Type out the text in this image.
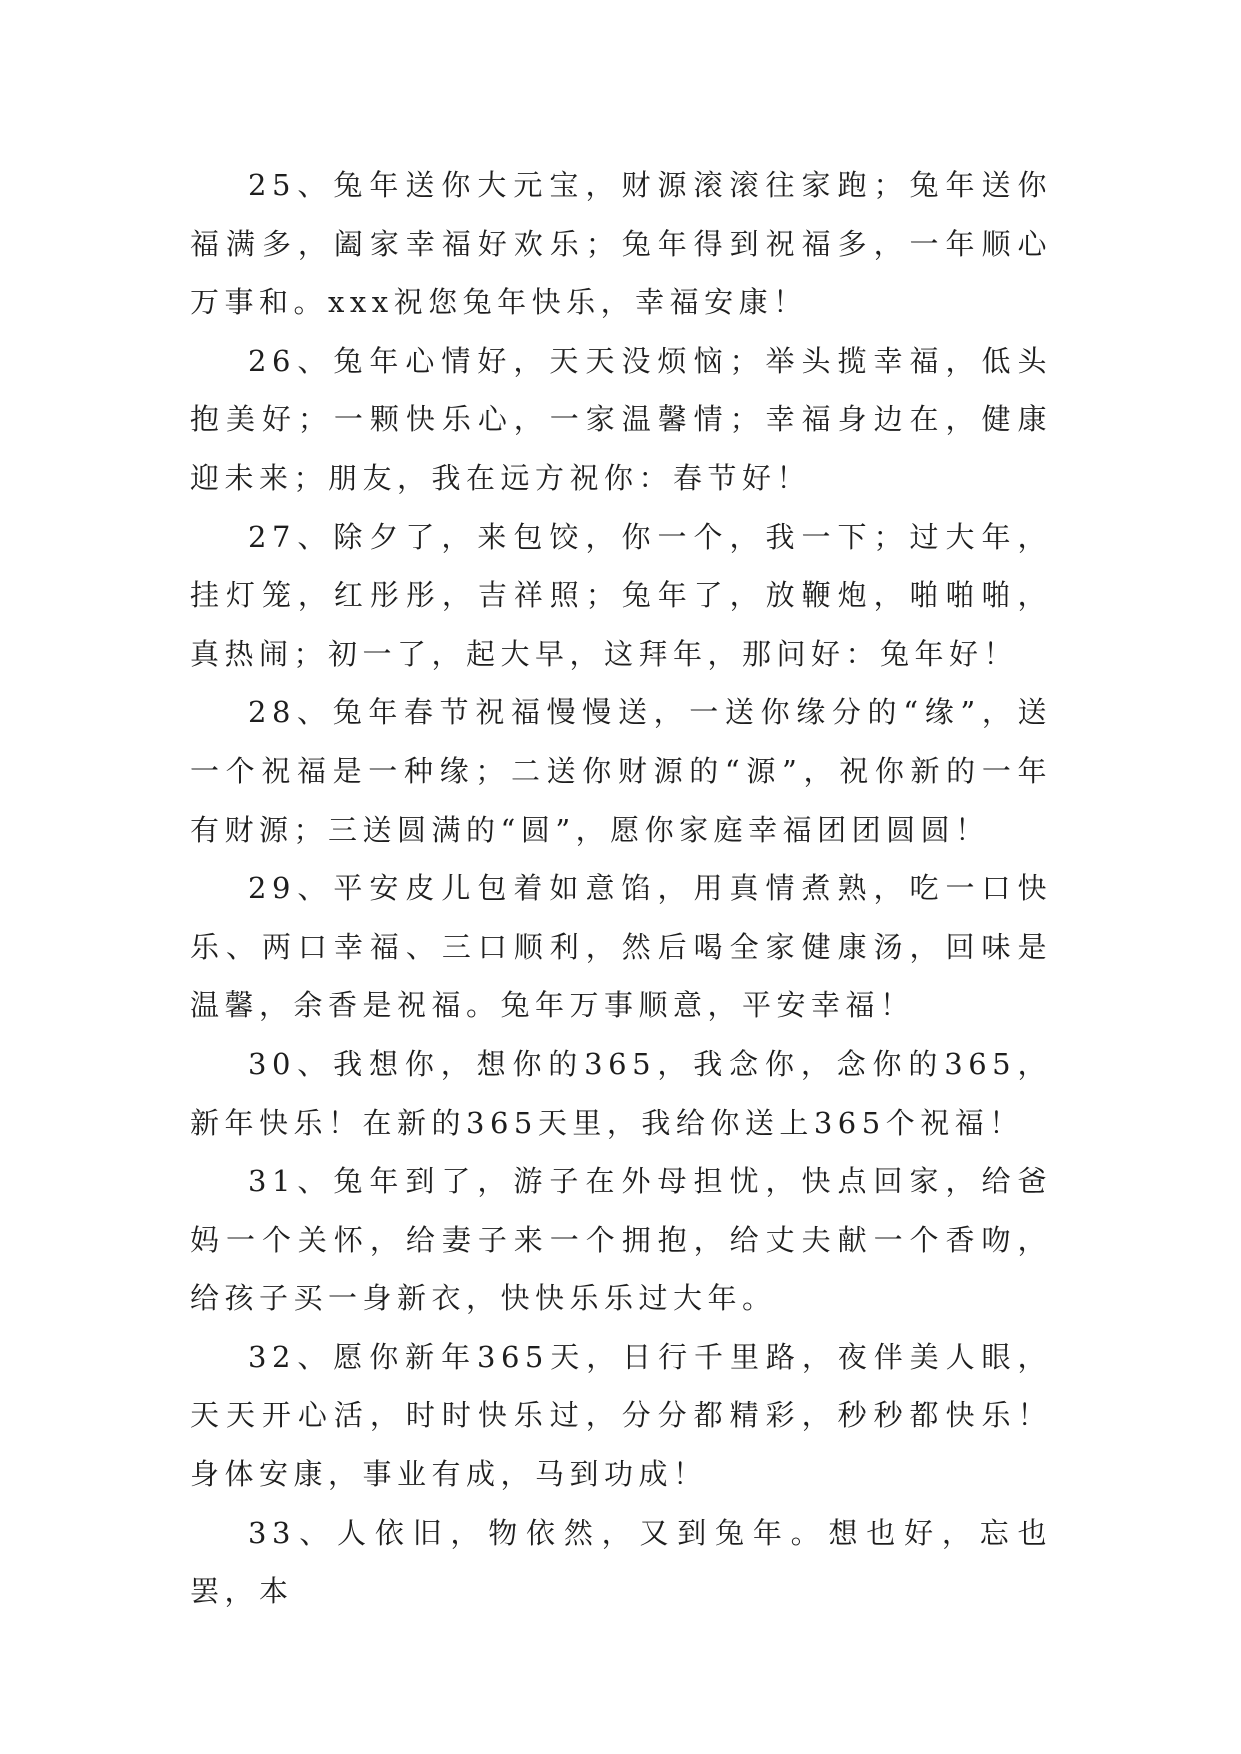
25、兔年送你大元宝，财源滚滚往家跑；兔年送你福满多，阖家幸福好欢乐；兔年得到祝福多，一年顺心万事和。xxx祝您兔年快乐，幸福安康！

26、兔年心情好，天天没烦恼；举头揽幸福，低头抱美好；一颗快乐心，一家温馨情；幸福身边在，健康迎未来；朋友，我在远方祝你：春节好！

27、除夕了，来包饺，你一个，我一下；过大年，挂灯笼，红彤彤，吉祥照；兔年了，放鞭炮，啪啪啪，真热闹；初一了，起大早，这拜年，那问好：兔年好！

28、兔年春节祝福慢慢送，一送你缘分的“缘”，送一个祝福是一种缘；二送你财源的“源”，祝你新的一年有财源；三送圆满的“圆”，愿你家庭幸福团团圆圆！

29、平安皮儿包着如意馅，用真情煮熟，吃一口快乐、两口幸福、三口顺利，然后喝全家健康汤，回味是温馨，余香是祝福。兔年万事顺意，平安幸福！

30、我想你，想你的365，我念你，念你的365，新年快乐！在新的365天里，我给你送上365个祝福！

31、兔年到了，游子在外母担忧，快点回家，给爸妈一个关怀，给妻子来一个拥抱，给丈夫献一个香吻，给孩子买一身新衣，快快乐乐过大年。

32、愿你新年365天，日行千里路，夜伴美人眼，天天开心活，时时快乐过，分分都精彩，秒秒都快乐！身体安康，事业有成，马到功成！

33、人依旧，物依然，又到兔年。想也好，忘也罢，本
